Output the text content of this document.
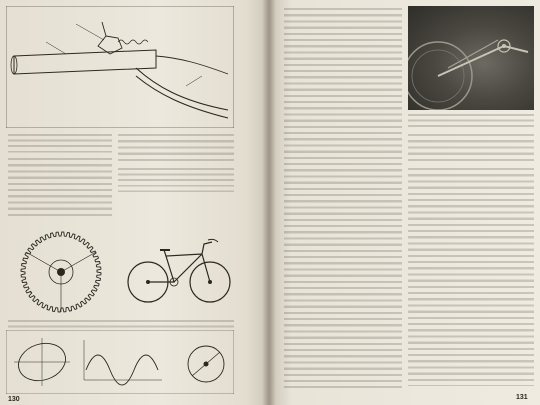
130	131
